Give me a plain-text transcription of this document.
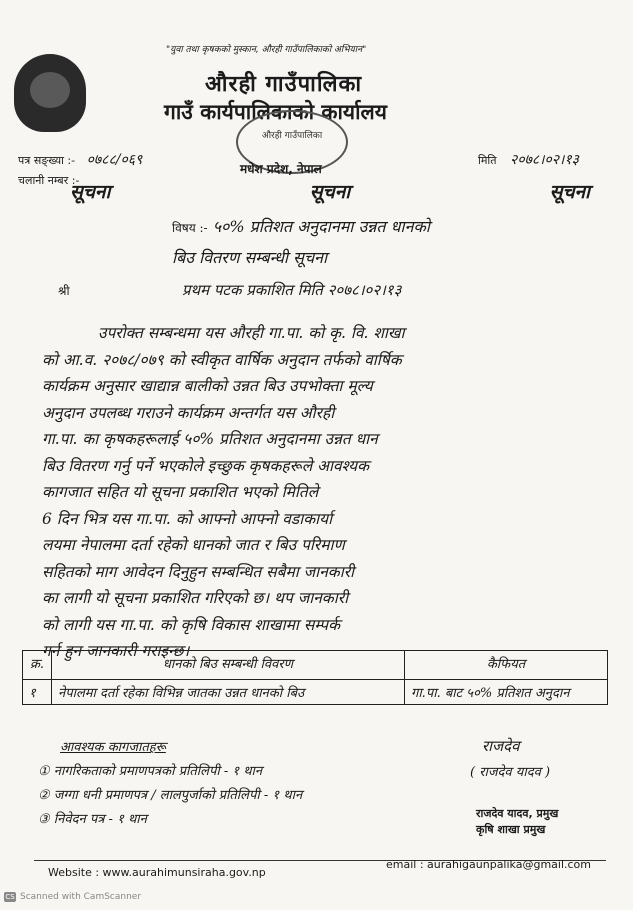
"युवा तथा कृषकको मुस्कान, औरही गाउँपालिकाको अभियान"
औरही गाउँपालिका
गाउँ कार्यपालिकाको कार्यालय
औरही गाउँपालिका
मधेश प्रदेश, नेपाल
पत्र सङ्ख्या :- ०७८८/०६९
चलानी नम्बर :-
मिति २०७८।०२।१३
सूचना	सूचना	सूचना
विषय :- ५०% प्रतिशत अनुदानमा उन्नत धानको
बिउ वितरण सम्बन्धी सूचना
श्री	प्रथम पटक प्रकाशित मिति २०७८।०२।१३
उपरोक्त सम्बन्धमा यस औरही गा.पा. को कृ. वि. शाखा
को आ.व. २०७८/०७९ को स्वीकृत वार्षिक अनुदान तर्फको वार्षिक
कार्यक्रम अनुसार खाद्यान्न बालीको उन्नत बिउ उपभोक्ता मूल्य
अनुदान उपलब्ध गराउने कार्यक्रम अन्तर्गत यस औरही
गा.पा. का कृषकहरूलाई ५०% प्रतिशत अनुदानमा उन्नत धान
बिउ वितरण गर्नु पर्ने भएकोले इच्छुक कृषकहरूले आवश्यक
कागजात सहित यो सूचना प्रकाशित भएको मितिले
6 दिन भित्र यस गा.पा. को आफ्नो आफ्नो वडाकार्या
लयमा नेपालमा दर्ता रहेको धानको जात र बिउ परिमाण
सहितको माग आवेदन दिनुहुन सम्बन्धित सबैमा जानकारी
का लागी यो सूचना प्रकाशित गरिएको छ। थप जानकारी
को लागी यस गा.पा. को कृषि विकास शाखामा सम्पर्क
गर्न हुन जानकारी गराइन्छ।
क्र.	धानको बिउ सम्बन्धी विवरण	कैफियत
१	नेपालमा दर्ता रहेका विभिन्न जातका उन्नत धानको बिउ	गा.पा. बाट ५०% प्रतिशत अनुदान
आवश्यक कागजातहरू
① नागरिकताको प्रमाणपत्रको प्रतिलिपी - १ थान
② जग्गा धनी प्रमाणपत्र / लालपुर्जाको प्रतिलिपी - १ थान
③ निवेदन पत्र - १ थान
राजदेव
( राजदेव यादव )
राजदेव यादव, प्रमुख
कृषि शाखा प्रमुख
Website : www.aurahimunsiraha.gov.np
email : aurahigaunpalika@gmail.com
CS Scanned with CamScanner
